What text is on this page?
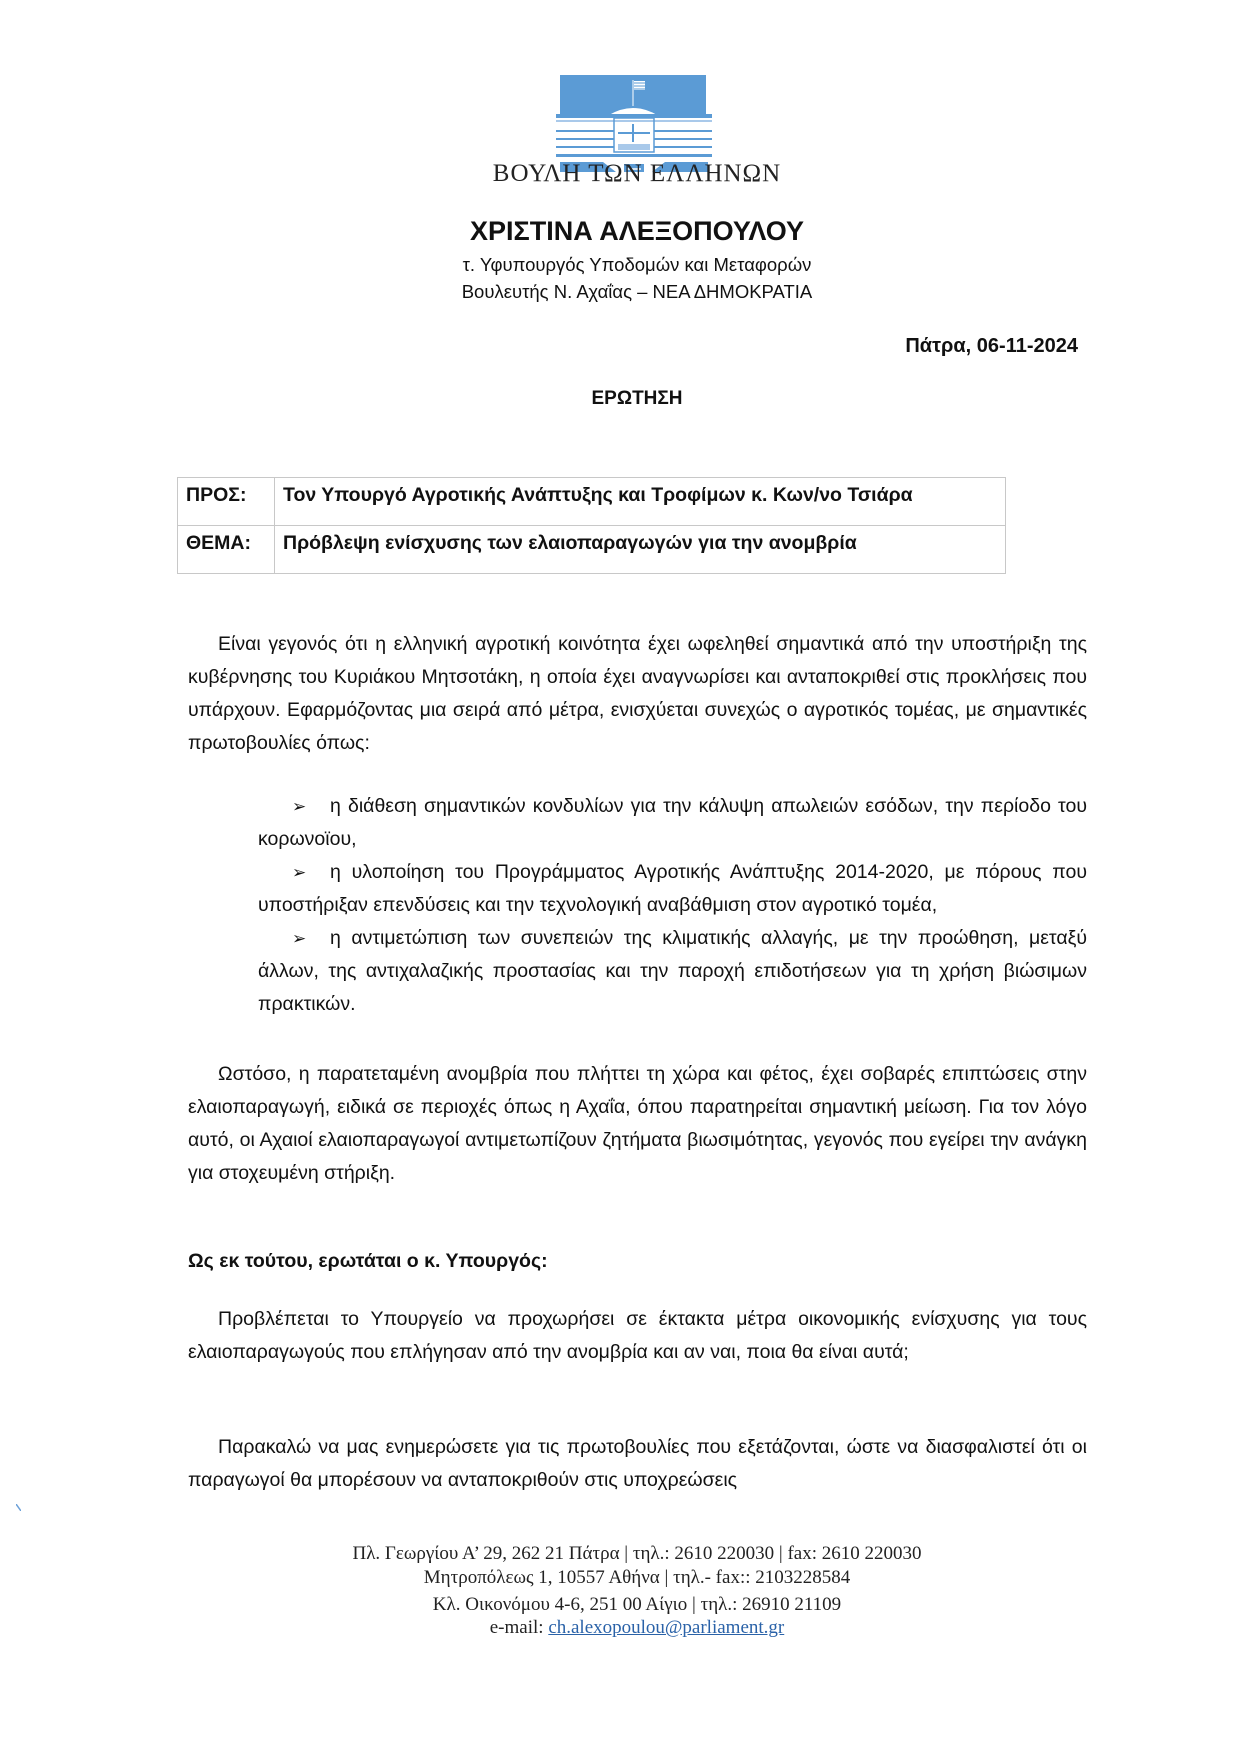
ΒΟΥΛΗ ΤΩΝ ΕΛΛΗΝΩΝ
ΧΡΙΣΤΙΝΑ ΑΛΕΞΟΠΟΥΛΟΥ
τ. Υφυπουργός Υποδομών και Μεταφορών
Βουλευτής Ν. Αχαΐας – ΝΕΑ ΔΗΜΟΚΡΑΤΙΑ
Πάτρα, 06-11-2024
ΕΡΩΤΗΣΗ
ΠΡΟΣ:	Τον Υπουργό Αγροτικής Ανάπτυξης και Τροφίμων κ. Κων/νο Τσιάρα
ΘΕΜΑ:	Πρόβλεψη ενίσχυσης των ελαιοπαραγωγών για την ανομβρία
Είναι γεγονός ότι η ελληνική αγροτική κοινότητα έχει ωφεληθεί σημαντικά από την υποστήριξη της κυβέρνησης του Κυριάκου Μητσοτάκη, η οποία έχει αναγνωρίσει και ανταποκριθεί στις προκλήσεις που υπάρχουν. Εφαρμόζοντας μια σειρά από μέτρα, ενισχύεται συνεχώς ο αγροτικός τομέας, με σημαντικές πρωτοβουλίες όπως:

➢ η διάθεση σημαντικών κονδυλίων για την κάλυψη απωλειών εσόδων, την περίοδο του κορωνοϊου,

➢ η υλοποίηση του Προγράμματος Αγροτικής Ανάπτυξης 2014-2020, με πόρους που υποστήριξαν επενδύσεις και την τεχνολογική αναβάθμιση στον αγροτικό τομέα,

➢ η αντιμετώπιση των συνεπειών της κλιματικής αλλαγής, με την προώθηση, μεταξύ άλλων, της αντιχαλαζικής προστασίας και την παροχή επιδοτήσεων για τη χρήση βιώσιμων πρακτικών.

Ωστόσο, η παρατεταμένη ανομβρία που πλήττει τη χώρα και φέτος, έχει σοβαρές επιπτώσεις στην ελαιοπαραγωγή, ειδικά σε περιοχές όπως η Αχαΐα, όπου παρατηρείται σημαντική μείωση. Για τον λόγο αυτό, οι Αχαιοί ελαιοπαραγωγοί αντιμετωπίζουν ζητήματα βιωσιμότητας, γεγονός που εγείρει την ανάγκη για στοχευμένη στήριξη.
Ως εκ τούτου, ερωτάται ο κ. Υπουργός:
Προβλέπεται το Υπουργείο να προχωρήσει σε έκτακτα μέτρα οικονομικής ενίσχυσης για τους ελαιοπαραγωγούς που επλήγησαν από την ανομβρία και αν ναι, ποια θα είναι αυτά;
Παρακαλώ να μας ενημερώσετε για τις πρωτοβουλίες που εξετάζονται, ώστε να διασφαλιστεί ότι οι παραγωγοί θα μπορέσουν να ανταποκριθούν στις υποχρεώσεις
Πλ. Γεωργίου Α’ 29, 262 21 Πάτρα | τηλ.: 2610 220030 | fax: 2610 220030
Μητροπόλεως 1, 10557 Αθήνα | τηλ.- fax:: 2103228584
Κλ. Οικονόμου 4-6, 251 00 Αίγιο | τηλ.: 26910 21109
e-mail: ch.alexopoulou@parliament.gr
